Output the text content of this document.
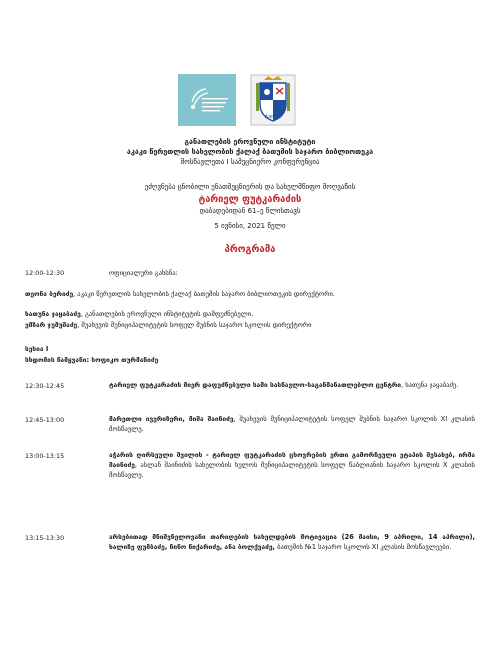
ბათუმი
განათლების ეროვნული ინსტიტუტი
აკაკი წერეთლის სახელობის ქალაქ ბათუმის საჯარო ბიბლიოთეკა
მოსწავლეთა I სამეცნიერო კონფერენცია
ეძღვნება ცნობილი ენათმეცნიერის და სახელმწიფო მოღვაწის
ტარიელ ფუტკარაძის
დაბადებიდან 61–ე წლისთავს
5 ივნისი, 2021 წელი
პროგრამა
12:00-12:30	ოფიციალური გახსნა:
თეონა ბერიძე, აკაკი წერეთლის სახელობის ქალაქ ბათუმის საჯარო ბიბლიოთეკის დირექტორი.
ხათუნა ჯაყაბაძე, განათლების ეროვნული ინსტიტუტის დამფუძნებელი.
ემზარ ჯუმუშაძე, შუახევის მუნიციპალიტეტის სოფელ შუბნის საჯარო სკოლის დირექტორი
სესია I
სხდომის წამყვანი: სოფიკო თურმანიძე
12:30-12:45	ტარიელ ფუტკარაძის მიერ დაფუძნებული სამი სასწავლო-საგანმანათლებლო ცენტრი, ხათუნა ჯაყაბაძე.
12:45-13:00	მარეთლი ივერიზერი, მიშა შაინიძე, შუახევის მუნიციპალიტეტის სოფელ შუბნის საჯარო სკოლის XI კლასის მოსწავლე.
13:00-13:15	აჭარის ღირსეული შვილის - ტარიელ ფუტკარაძის ცხოვრების ერთი გამორჩეული ეტაპის შესახებ, ირმა შაინიძე, ასლან შაინიძის სახელობის ხულოს მუნიციპალიტეტის სოფელ წაბლიანის საჯარო სკოლის X კლასის მოსწავლე.
13:15-13:30	არსებითად მნიშვნელოვანი თარიღების სახელდების მოტივაცია (26 მაისი, 9 აპრილი, 14 აპრილი), ხალიზე ფუმბაძე, ნინო წიქარიძე, ანა ბოლქვაძე, ბათუმის №1 საჯარო სკოლის XI კლასის მოსწავლეები.
